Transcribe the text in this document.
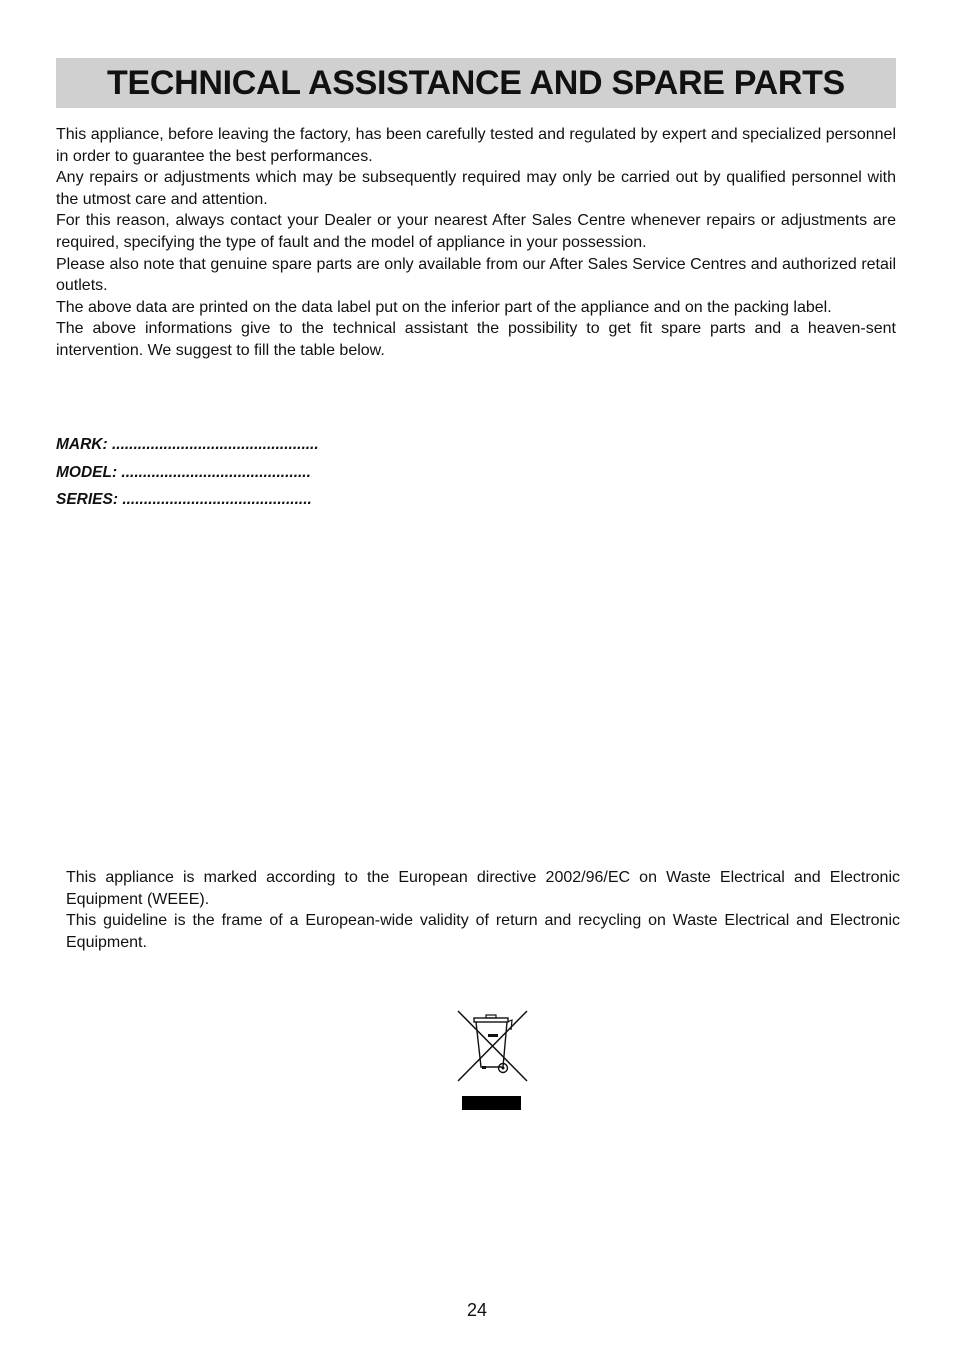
TECHNICAL ASSISTANCE AND SPARE PARTS

This appliance, before leaving the factory, has been carefully tested and regulated by expert and specialized personnel in order to guarantee the best performances.

Any repairs or adjustments which may be subsequently required may only be carried out by qualified personnel with the utmost care and attention.

For this reason, always contact your Dealer or your nearest After Sales Centre whenever repairs or adjustments are required, specifying the type of fault and the model of appliance in your possession.

Please also note that genuine spare parts are only available from our After Sales Service Centres and authorized retail outlets.

The above data are printed on the data label put on the inferior part of the appliance and on the packing label.

The above informations give to the technical assistant the possibility to get fit spare parts and a heaven-sent intervention. We suggest to fill the table below.

MARK: ................................................
MODEL: ............................................
SERIES: ............................................

This appliance is marked according to the European directive 2002/96/EC on Waste Electrical and Electronic Equipment (WEEE).

This guideline is the frame of a European-wide validity of return and recycling on Waste Electrical and Electronic Equipment.

24
